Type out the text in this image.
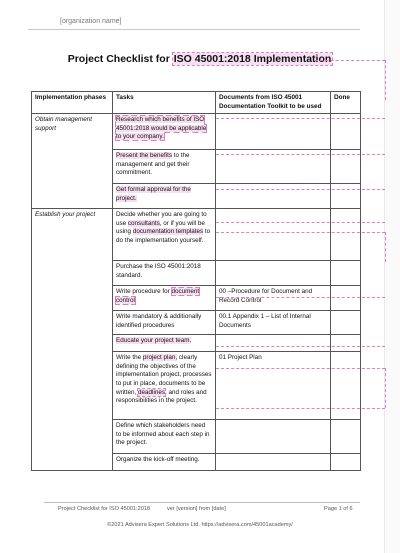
[organization name]
Project Checklist for ISO 45001:2018 Implementation
Implementation phases	Tasks	Documents from ISO 45001 Documentation Toolkit to be used	Done
Obtain management support	Research which benefits of ISO 45001:2018 would be applicable to your company.		
	Present the benefits to the management and get their commitment.		
	Get formal approval for the project.		
Establish your project	Decide whether you are going to use consultants, or if you will be using documentation templates to do the implementation yourself.		
	Purchase the ISO 45001:2018 standard.		
	Write procedure for document control	00 –Procedure for Document and Record Control	
	Write mandatory & additionally identified procedures	00.1 Appendix 1 – List of Internal Documents	
	Educate your project team.		
	Write the project plan, clearly defining the objectives of the implementation project, processes to put in place, documents to be written, deadlines, and roles and responsibilities in the project.	01 Project Plan	
	Define which stakeholders need to be informed about each step in the project.		
	Organize the kick-off meeting.		
Project Checklist for ISO 45001:2018	ver [version] from [date]	Page 1 of 6
©2021 Advisera Expert Solutions Ltd. https://advisera.com/45001academy/
